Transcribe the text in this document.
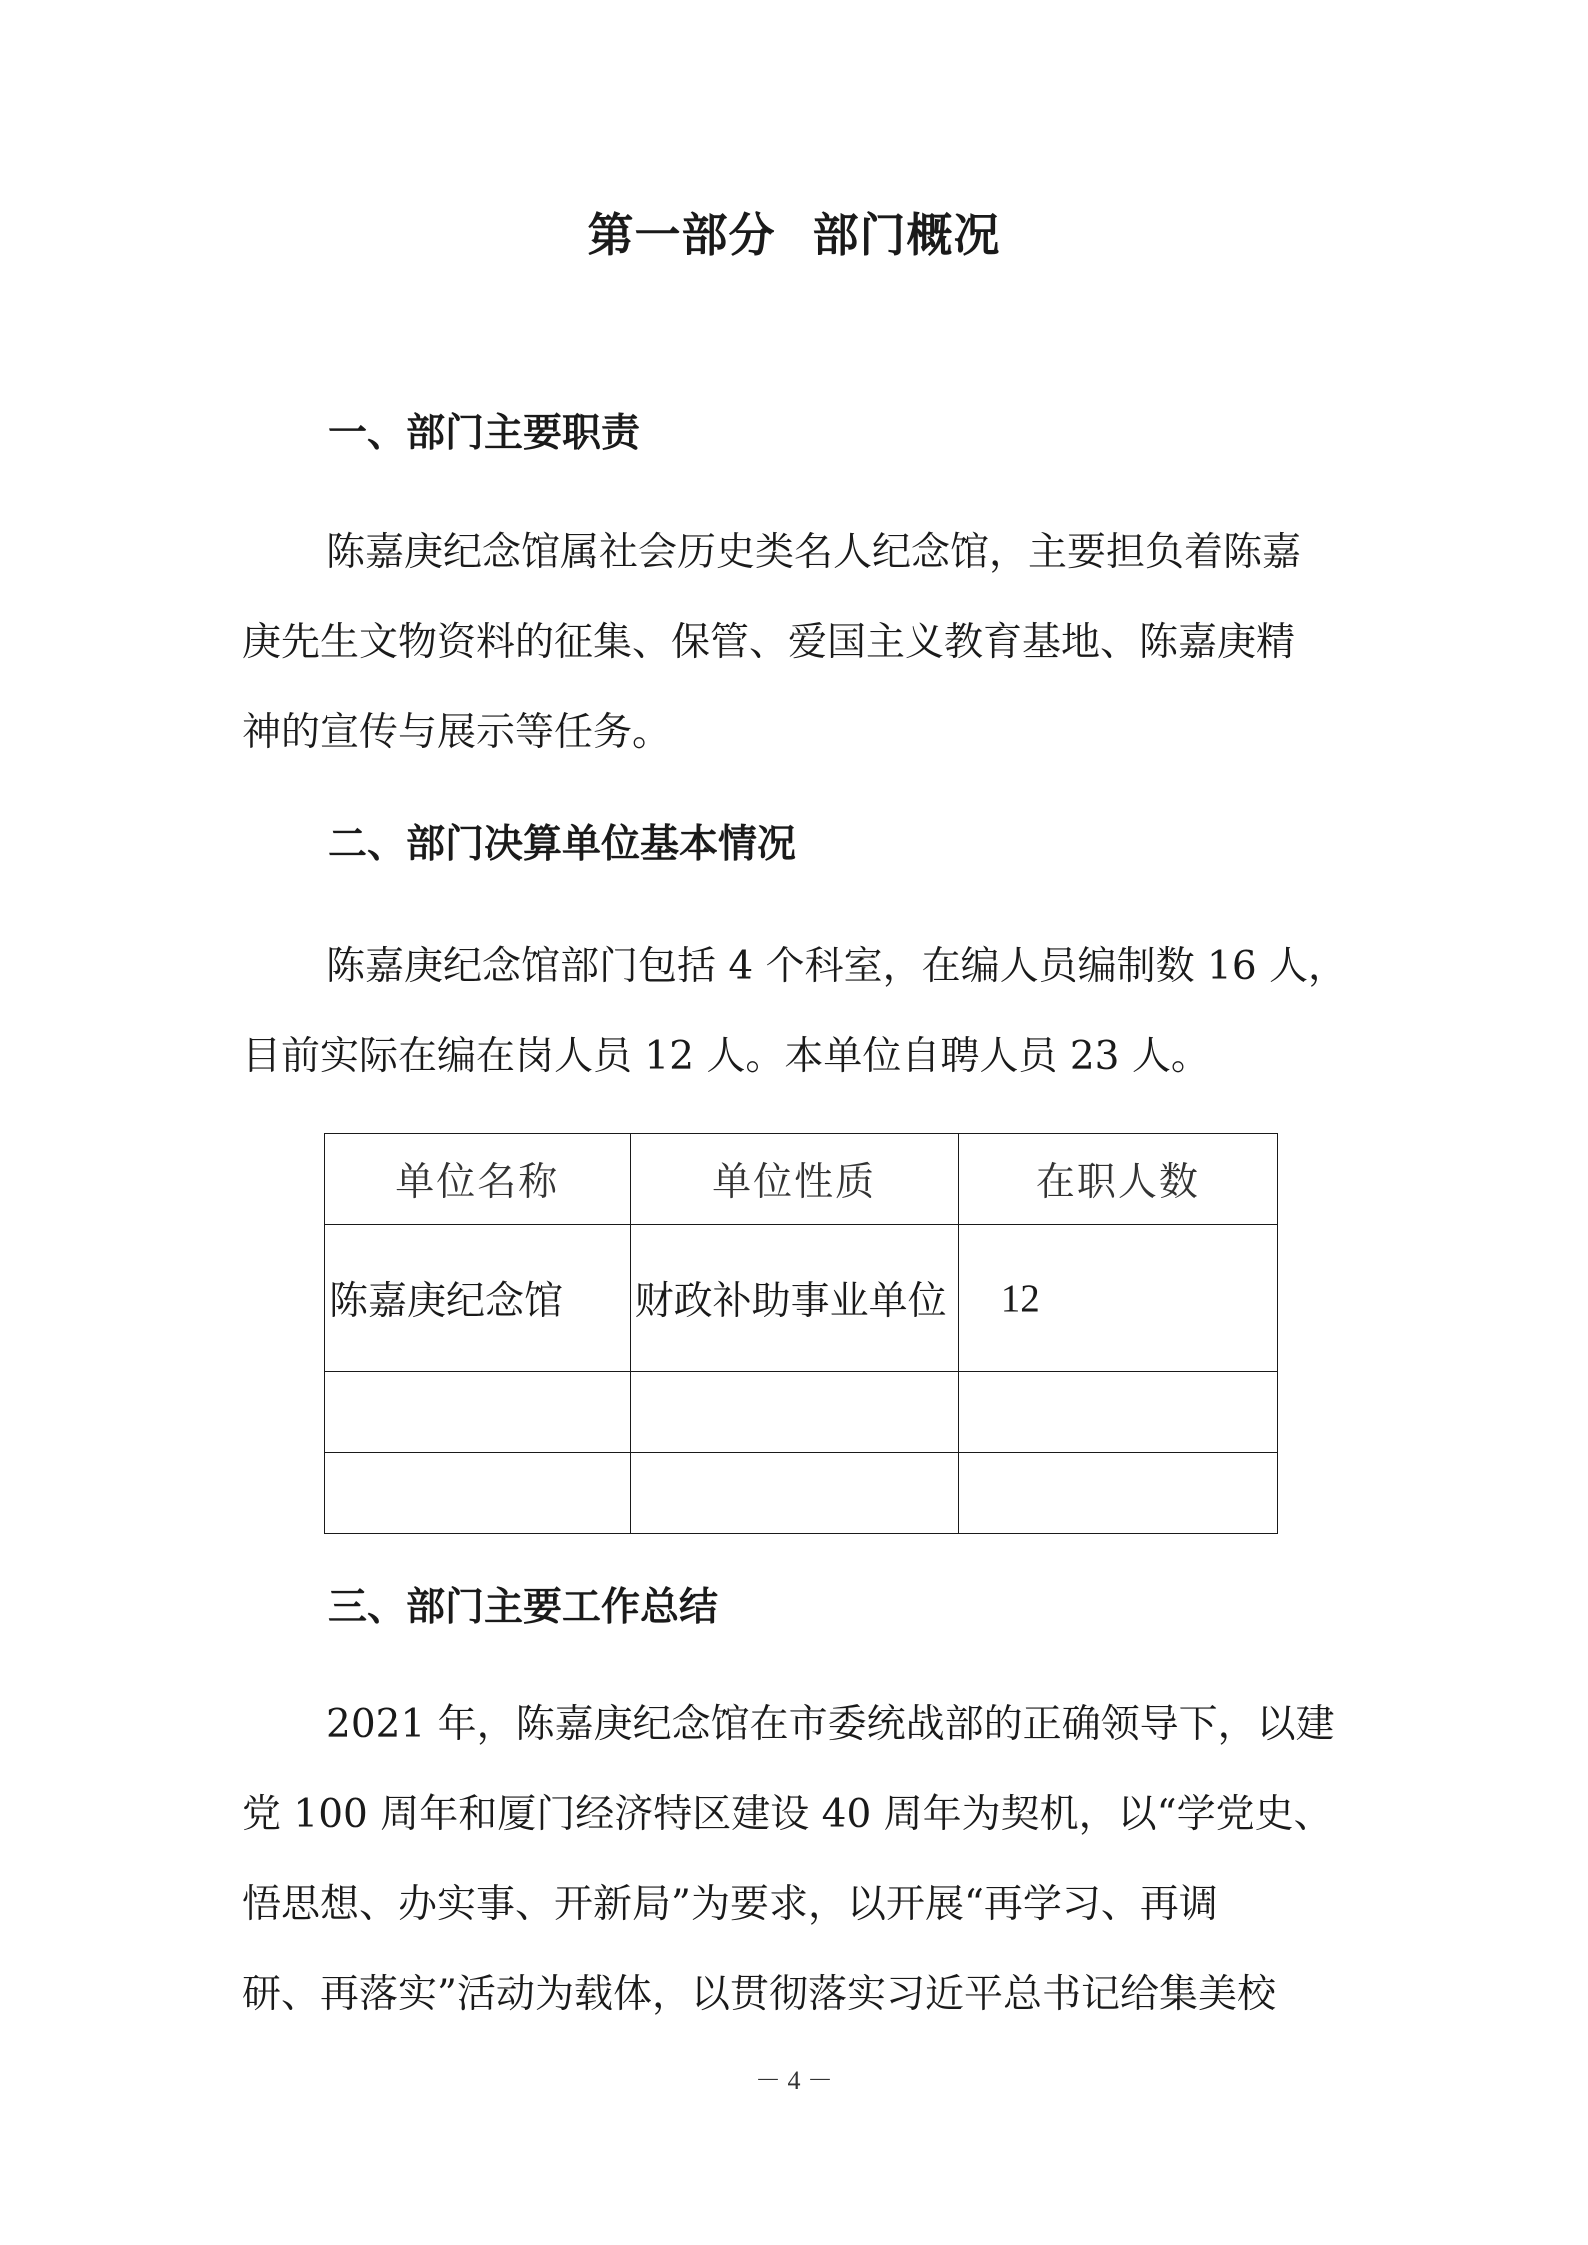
第一部分 部门概况
一、部门主要职责
陈嘉庚纪念馆属社会历史类名人纪念馆，主要担负着陈嘉
庚先生文物资料的征集、保管、爱国主义教育基地、陈嘉庚精
神的宣传与展示等任务。
二、部门决算单位基本情况
陈嘉庚纪念馆部门包括 4 个科室，在编人员编制数 16 人，
目前实际在编在岗人员 12 人。本单位自聘人员 23 人。
单位名称	单位性质	在职人数
陈嘉庚纪念馆	财政补助事业单位	12

三、部门主要工作总结
2021 年，陈嘉庚纪念馆在市委统战部的正确领导下，以建
党 100 周年和厦门经济特区建设 40 周年为契机，以“学党史、
悟思想、办实事、开新局”为要求，以开展“再学习、再调
研、再落实”活动为载体，以贯彻落实习近平总书记给集美校
－ 4 －
